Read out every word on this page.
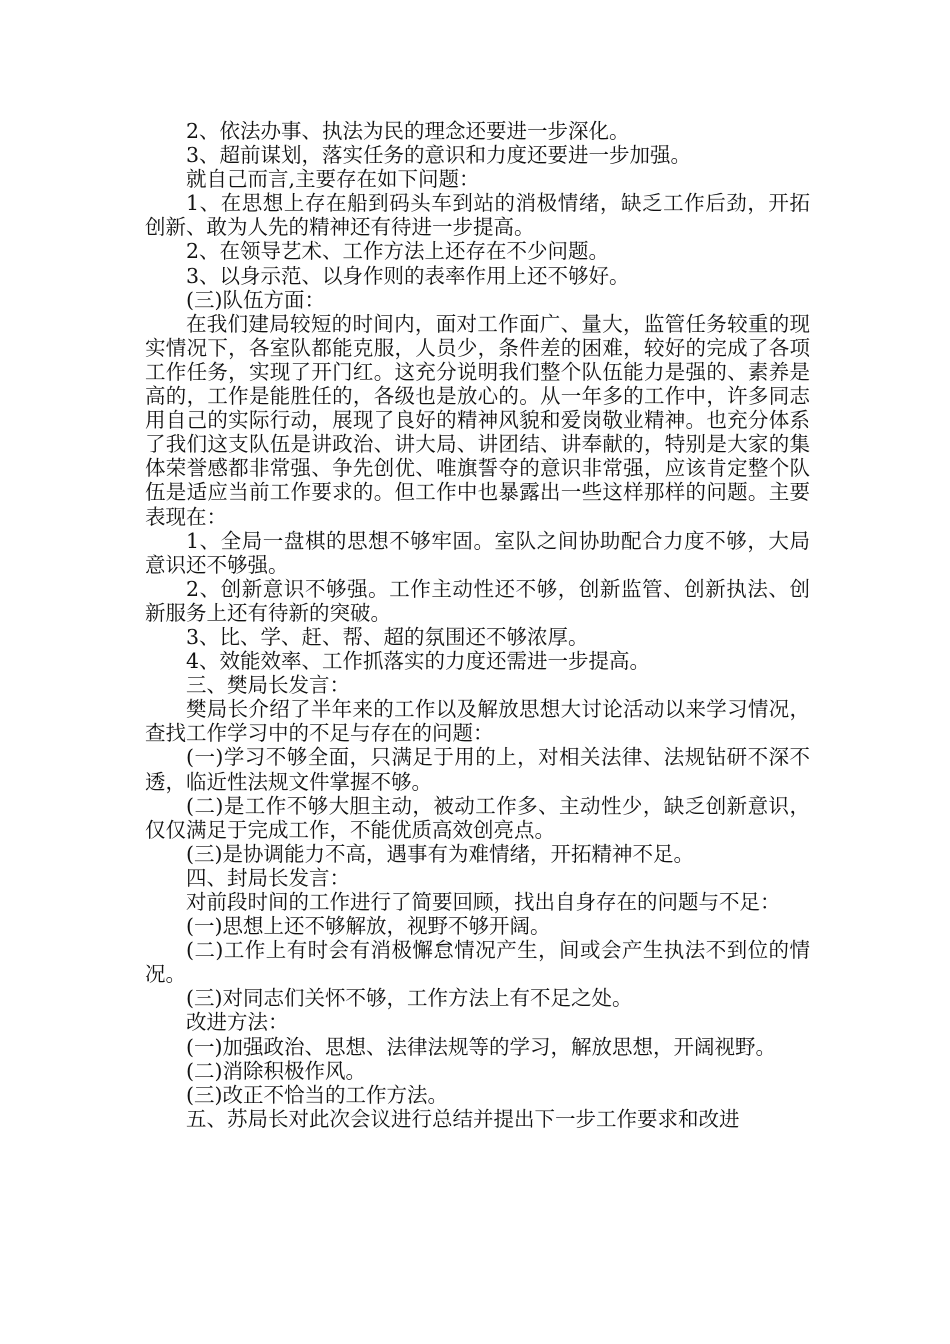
2、依法办事、执法为民的理念还要进一步深化。

3、超前谋划，落实任务的意识和力度还要进一步加强。

就自己而言,主要存在如下问题：

1、在思想上存在船到码头车到站的消极情绪，缺乏工作后劲，开拓创新、敢为人先的精神还有待进一步提高。

2、在领导艺术、工作方法上还存在不少问题。

3、以身示范、以身作则的表率作用上还不够好。

(三)队伍方面：

在我们建局较短的时间内，面对工作面广、量大，监管任务较重的现实情况下，各室队都能克服，人员少，条件差的困难，较好的完成了各项工作任务，实现了开门红。这充分说明我们整个队伍能力是强的、素养是高的，工作是能胜任的，各级也是放心的。从一年多的工作中，许多同志用自己的实际行动，展现了良好的精神风貌和爱岗敬业精神。也充分体系了我们这支队伍是讲政治、讲大局、讲团结、讲奉献的，特别是大家的集体荣誉感都非常强、争先创优、唯旗誓夺的意识非常强，应该肯定整个队伍是适应当前工作要求的。但工作中也暴露出一些这样那样的问题。主要表现在：

1、全局一盘棋的思想不够牢固。室队之间协助配合力度不够，大局意识还不够强。

2、创新意识不够强。工作主动性还不够，创新监管、创新执法、创新服务上还有待新的突破。

3、比、学、赶、帮、超的氛围还不够浓厚。

4、效能效率、工作抓落实的力度还需进一步提高。

三、樊局长发言：

樊局长介绍了半年来的工作以及解放思想大讨论活动以来学习情况，查找工作学习中的不足与存在的问题：

(一)学习不够全面，只满足于用的上，对相关法律、法规钻研不深不透，临近性法规文件掌握不够。

(二)是工作不够大胆主动，被动工作多、主动性少，缺乏创新意识，仅仅满足于完成工作，不能优质高效创亮点。

(三)是协调能力不高，遇事有为难情绪，开拓精神不足。

四、封局长发言：

对前段时间的工作进行了简要回顾，找出自身存在的问题与不足：

(一)思想上还不够解放，视野不够开阔。

(二)工作上有时会有消极懈怠情况产生，间或会产生执法不到位的情况。

(三)对同志们关怀不够，工作方法上有不足之处。

改进方法：

(一)加强政治、思想、法律法规等的学习，解放思想，开阔视野。

(二)消除积极作风。

(三)改正不恰当的工作方法。

五、苏局长对此次会议进行总结并提出下一步工作要求和改进
